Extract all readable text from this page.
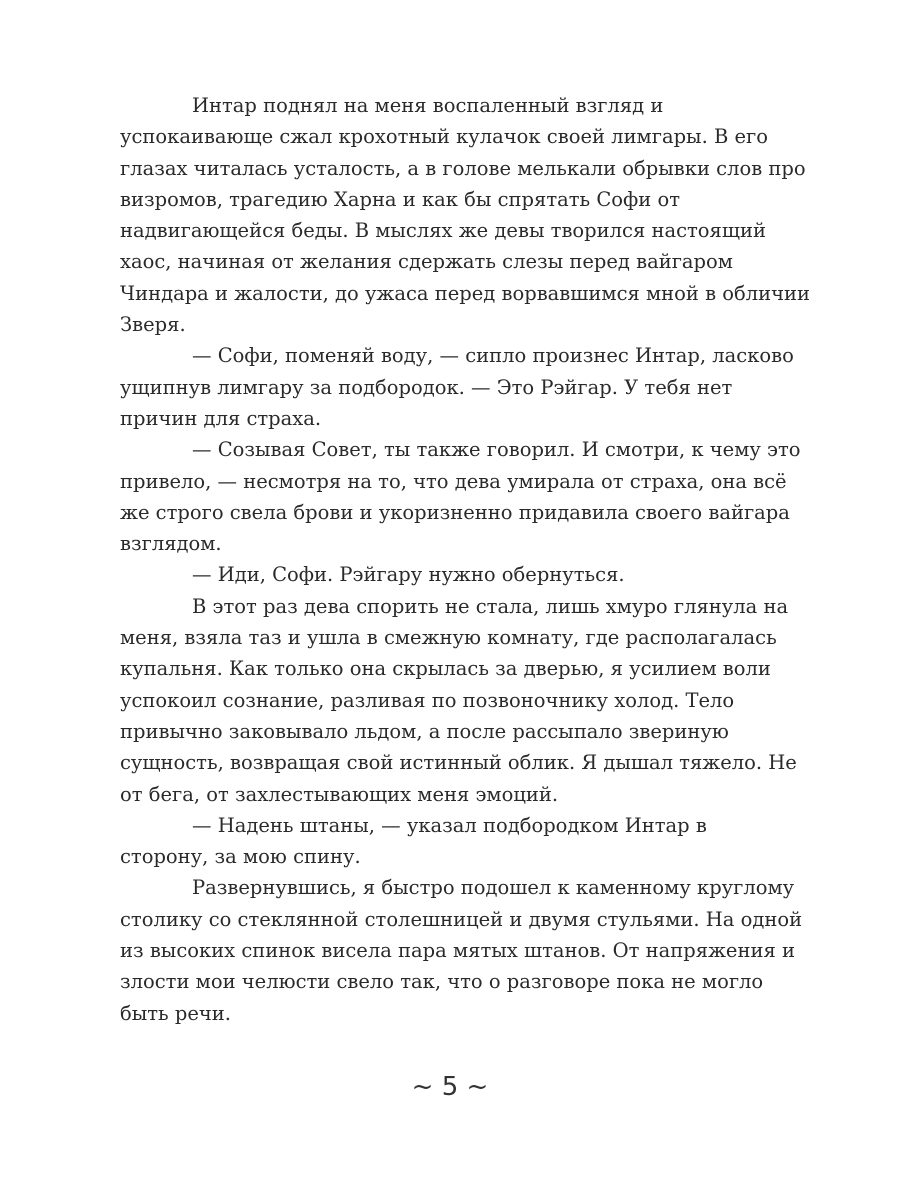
Интар поднял на меня воспаленный взгляд и
успокаивающе сжал крохотный кулачок своей лимгары. В его
глазах читалась усталость, а в голове мелькали обрывки слов про
визромов, трагедию Харна и как бы спрятать Софи от
надвигающейся беды. В мыслях же девы творился настоящий
хаос, начиная от желания сдержать слезы перед вайгаром
Чиндара и жалости, до ужаса перед ворвавшимся мной в обличии
Зверя.
— Софи, поменяй воду, — сипло произнес Интар, ласково
ущипнув лимгару за подбородок. — Это Рэйгар. У тебя нет
причин для страха.
— Созывая Совет, ты также говорил. И смотри, к чему это
привело, — несмотря на то, что дева умирала от страха, она всё
же строго свела брови и укоризненно придавила своего вайгара
взглядом.
— Иди, Софи. Рэйгару нужно обернуться.
В этот раз дева спорить не стала, лишь хмуро глянула на
меня, взяла таз и ушла в смежную комнату, где располагалась
купальня. Как только она скрылась за дверью, я усилием воли
успокоил сознание, разливая по позвоночнику холод. Тело
привычно заковывало льдом, а после рассыпало звериную
сущность, возвращая свой истинный облик. Я дышал тяжело. Не
от бега, от захлестывающих меня эмоций.
— Надень штаны, — указал подбородком Интар в
сторону, за мою спину.
Развернувшись, я быстро подошел к каменному круглому
столику со стеклянной столешницей и двумя стульями. На одной
из высоких спинок висела пара мятых штанов. От напряжения и
злости мои челюсти свело так, что о разговоре пока не могло
быть речи.
~ 5 ~
